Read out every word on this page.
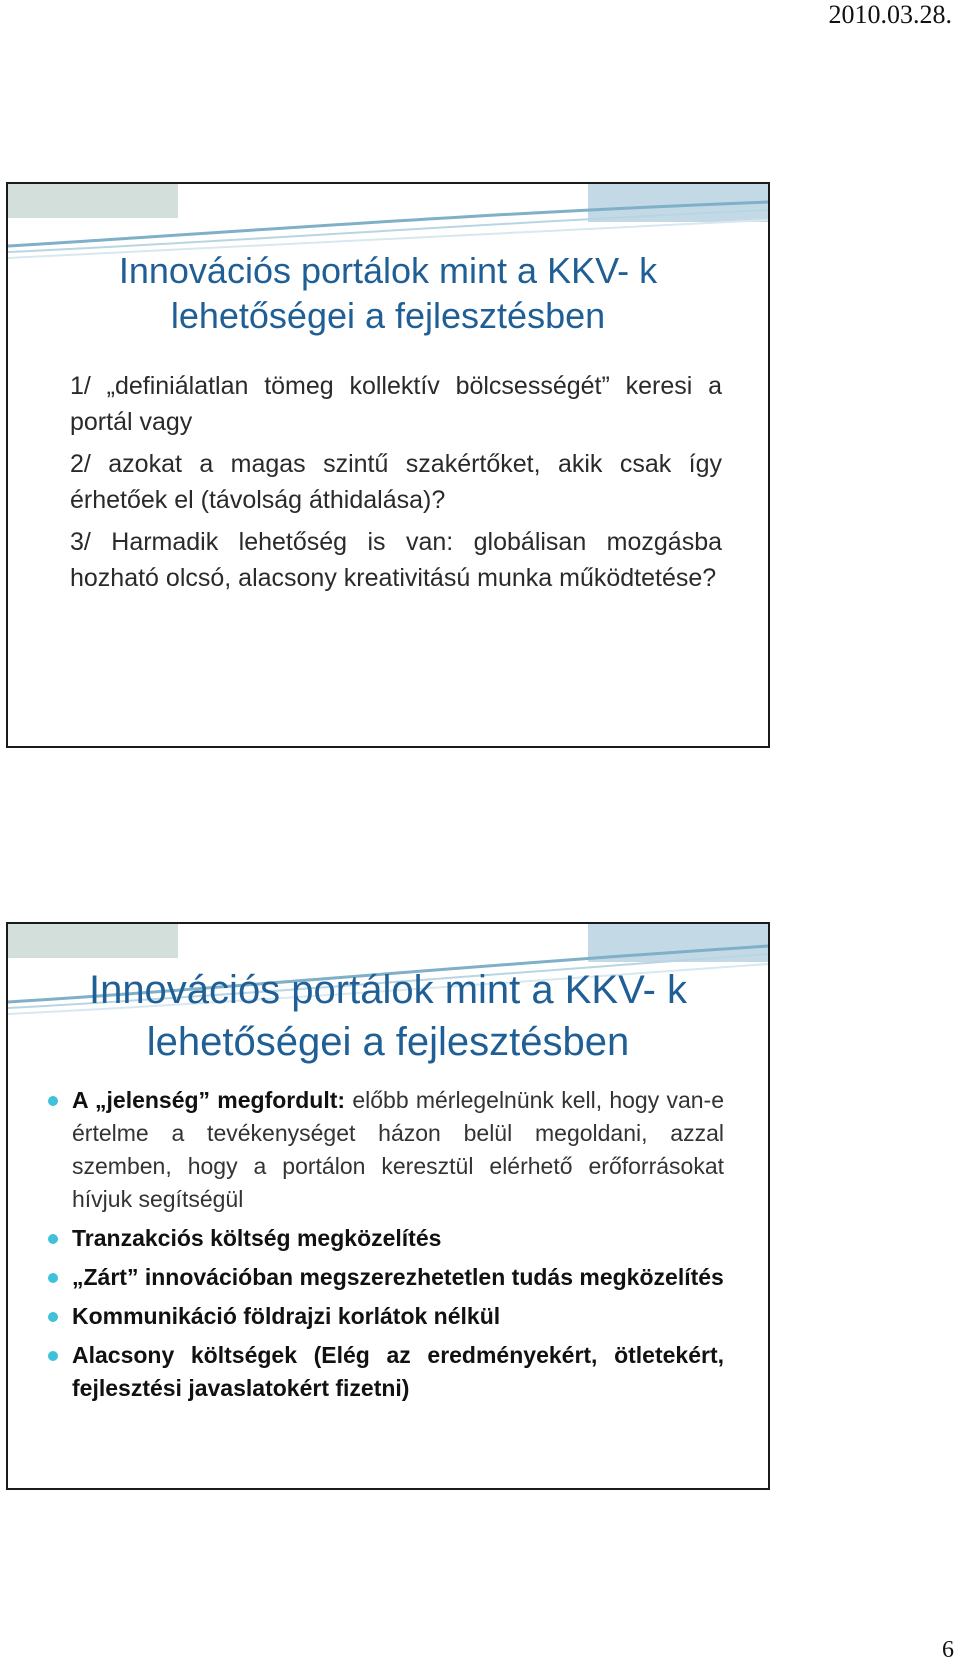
2010.03.28.
Innovációs portálok mint a KKV- k
lehetőségei a fejlesztésben

1/ „definiálatlan tömeg kollektív bölcsességét” keresi a portál vagy

2/ azokat a magas szintű szakértőket, akik csak így érhetőek el (távolság áthidalása)?

3/ Harmadik lehetőség is van: globálisan mozgásba hozható olcsó, alacsony kreativitású munka működtetése?

Innovációs portálok mint a KKV- k
lehetőségei a fejlesztésben
A „jelenség” megfordult: előbb mérlegelnünk kell, hogy van-e értelme a tevékenységet házon belül megoldani, azzal szemben, hogy a portálon keresztül elérhető erőforrásokat hívjuk segítségül
Tranzakciós költség megközelítés
„Zárt” innovációban megszerezhetetlen tudás megközelítés
Kommunikáció földrajzi korlátok nélkül
Alacsony költségek (Elég az eredményekért, ötletekért, fejlesztési javaslatokért fizetni)
6
